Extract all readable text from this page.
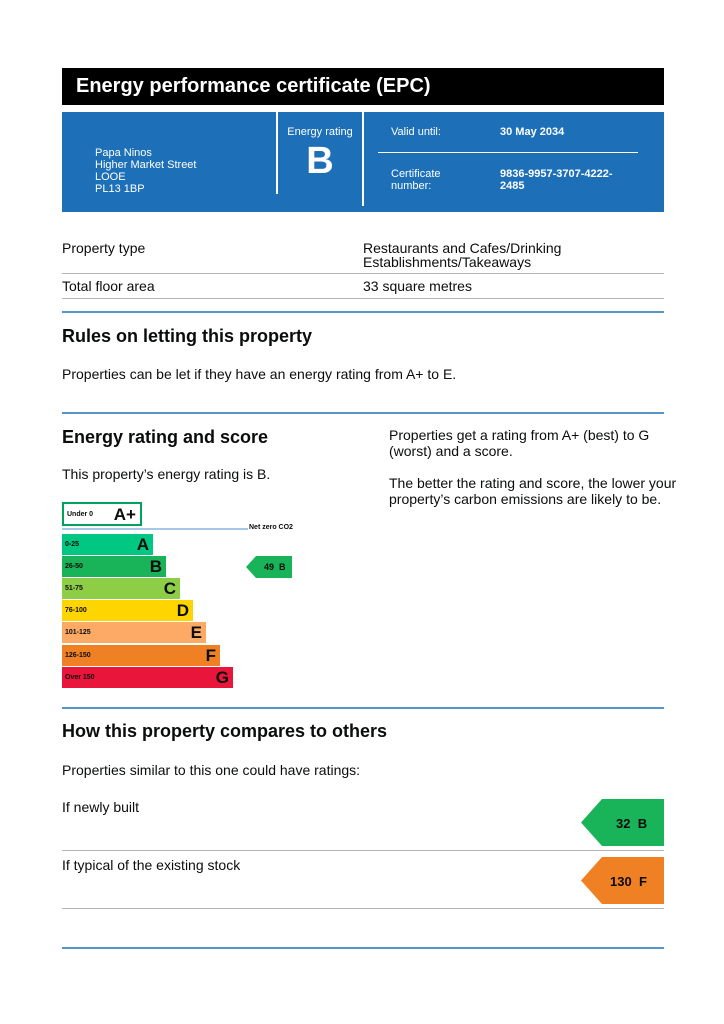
Energy performance certificate (EPC)
Papa Ninos
Higher Market Street
LOOE
PL13 1BP
Energy rating
B
Valid until:	30 May 2034
Certificate
number:
9836-9957-3707-4222-
2485
Property type	Restaurants and Cafes/Drinking
Establishments/Takeaways
Total floor area	33 square metres
Rules on letting this property
Properties can be let if they have an energy rating from A+ to E.
Energy rating and score
This property’s energy rating is B.
Properties get a rating from A+ (best) to G
(worst) and a score.
The better the rating and score, the lower your
property’s carbon emissions are likely to be.
Under 0 A+
0-25	A
26-50	B
51-75	C
76-100	D
101-125	E
126-150	F
Over 150	G
Net zero CO2
49 B
How this property compares to others
Properties similar to this one could have ratings:
If newly built
32 B
If typical of the existing stock
130 F
